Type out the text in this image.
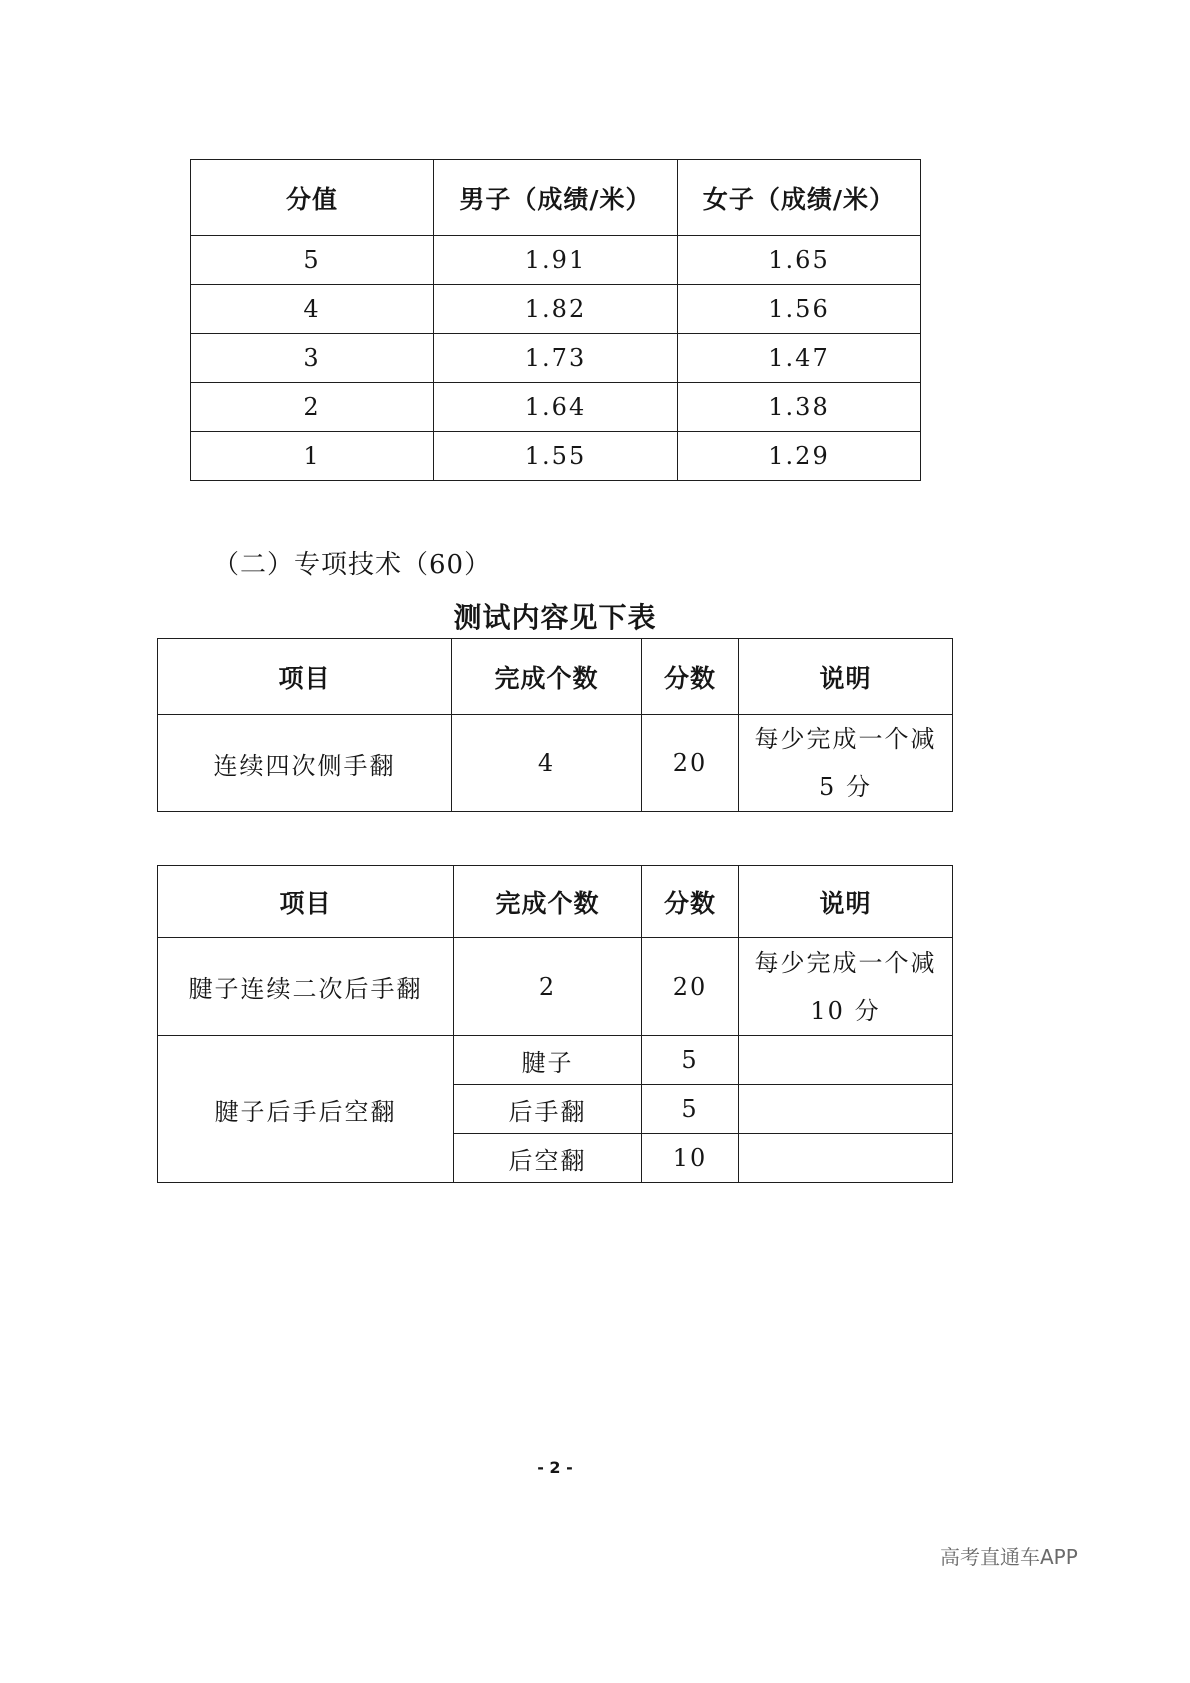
分值	男子（成绩/米）	女子（成绩/米）
5	1.91	1.65
4	1.82	1.56
3	1.73	1.47
2	1.64	1.38
1	1.55	1.29
（二）专项技术（60）
测试内容见下表
项目	完成个数	分数	说明
连续四次侧手翻	4	20	每少完成一个减
5 分
项目	完成个数	分数	说明
腱子连续二次后手翻	2	20	每少完成一个减
10 分

腱子后手后空翻	腱子	5	
	后手翻	5	
	后空翻	10	
- 2 -
高考直通车APP
